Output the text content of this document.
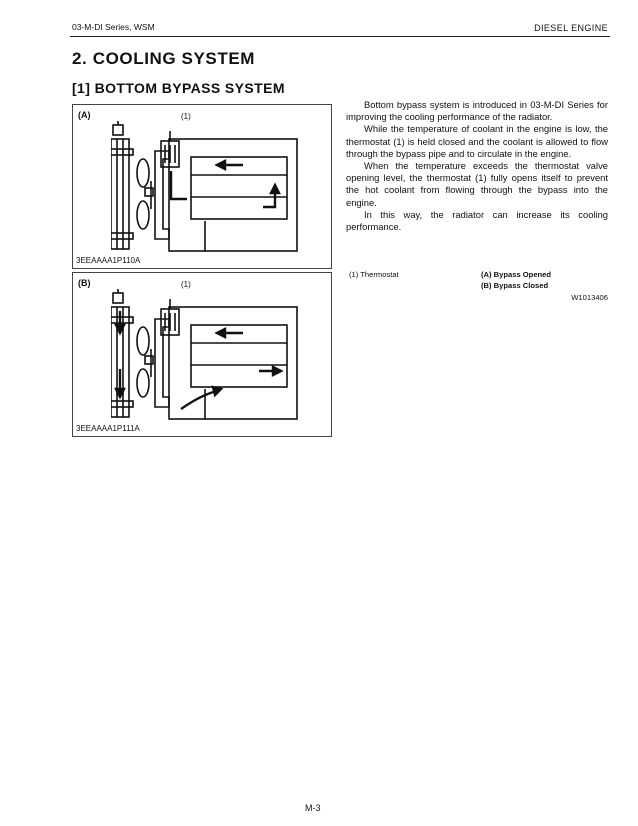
03-M-DI Series, WSM	DIESEL ENGINE
2. COOLING SYSTEM
[1] BOTTOM BYPASS SYSTEM
(A)	(1)
3EEAAAA1P110A
(B)	(1)
3EEAAAA1P111A

Bottom bypass system is introduced in 03-M-DI Series for improving the cooling performance of the radiator.

While the temperature of coolant in the engine is low, the thermostat (1) is held closed and the coolant is allowed to flow through the bypass pipe and to circulate in the engine.

When the temperature exceeds the thermostat valve opening level, the thermostat (1) fully opens itself to prevent the hot coolant from flowing through the bypass into the engine.

In this way, the radiator can increase its cooling performance.

(1) Thermostat	(A) Bypass Opened
(B) Bypass Closed
W1013406
M-3
